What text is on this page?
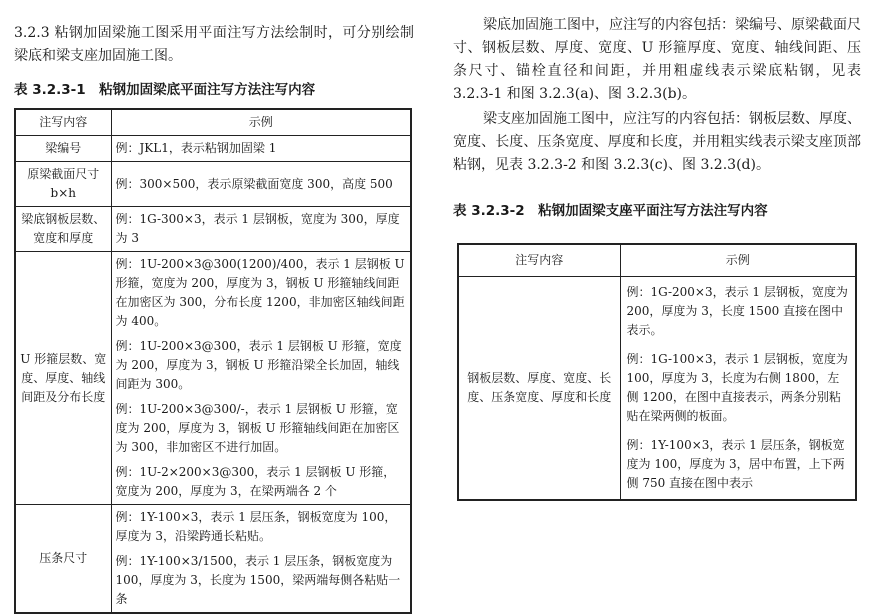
3.2.3 粘钢加固梁施工图采用平面注写方法绘制时，可分别绘制梁底和梁支座加固施工图。

表 3.2.3-1　粘钢加固梁底平面注写方法注写内容

注写内容	示例
梁编号	例：JKL1，表示粘钢加固梁 1
原梁截面尺寸 b×h	例：300×500，表示原梁截面宽度 300，高度 500
梁底钢板层数、宽度和厚度	例：1G-300×3，表示 1 层钢板，宽度为 300，厚度为 3
U 形箍层数、宽度、厚度、轴线间距及分布长度	例：1U-200×3@300(1200)/400，表示 1 层钢板 U 形箍，宽度为 200，厚度为 3，钢板 U 形箍轴线间距在加密区为 300，分布长度 1200，非加密区轴线间距为 400。

例：1U-200×3@300，表示 1 层钢板 U 形箍，宽度为 200，厚度为 3，钢板 U 形箍沿梁全长加固，轴线间距为 300。

例：1U-200×3@300/-，表示 1 层钢板 U 形箍，宽度为 200，厚度为 3，钢板 U 形箍轴线间距在加密区为 300，非加密区不进行加固。

例：1U-2×200×3@300，表示 1 层钢板 U 形箍，宽度为 200，厚度为 3，在梁两端各 2 个

压条尺寸	例：1Y-100×3，表示 1 层压条，钢板宽度为 100，厚度为 3，沿梁跨通长粘贴。

例：1Y-100×3/1500，表示 1 层压条，钢板宽度为 100，厚度为 3，长度为 1500，梁两端每侧各粘贴一条

梁底加固施工图中，应注写的内容包括：梁编号、原梁截面尺寸、钢板层数、厚度、宽度、U 形箍厚度、宽度、轴线间距、压条尺寸、锚栓直径和间距，并用粗虚线表示梁底粘钢，见表 3.2.3-1 和图 3.2.3(a)、图 3.2.3(b)。

梁支座加固施工图中，应注写的内容包括：钢板层数、厚度、宽度、长度、压条宽度、厚度和长度，并用粗实线表示梁支座顶部粘钢，见表 3.2.3-2 和图 3.2.3(c)、图 3.2.3(d)。

表 3.2.3-2　粘钢加固梁支座平面注写方法注写内容

注写内容	示例
钢板层数、厚度、宽度、长度、压条宽度、厚度和长度	例：1G-200×3，表示 1 层钢板，宽度为 200，厚度为 3，长度 1500 直接在图中表示。

例：1G-100×3，表示 1 层钢板，宽度为 100，厚度为 3，长度为右侧 1800，左侧 1200，在图中直接表示，两条分别粘贴在梁两侧的板面。

例：1Y-100×3，表示 1 层压条，钢板宽度为 100，厚度为 3，居中布置，上下两侧 750 直接在图中表示
